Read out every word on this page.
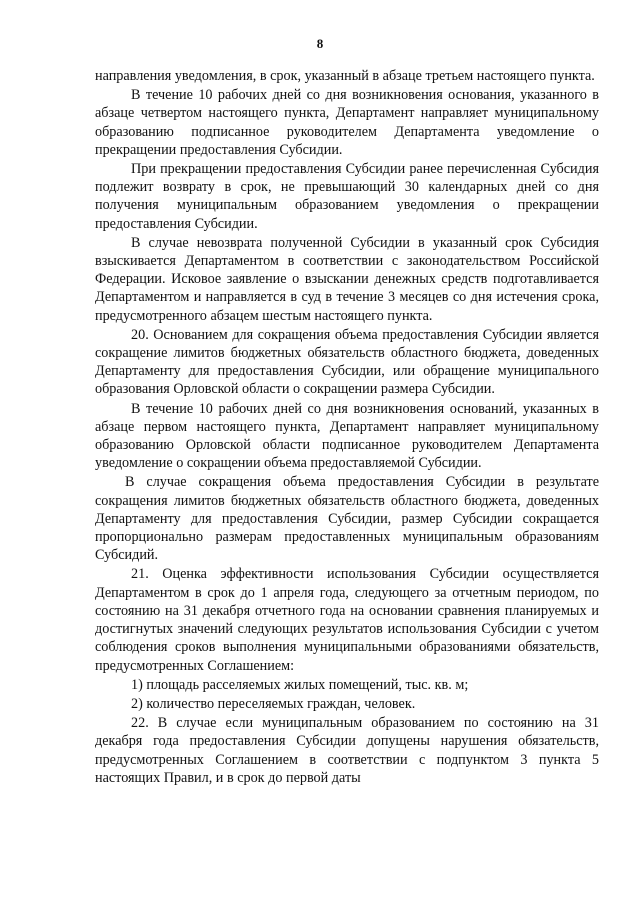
8

направления уведомления, в срок, указанный в абзаце третьем настоящего пункта.

В течение 10 рабочих дней со дня возникновения основания, указанного в абзаце четвертом настоящего пункта, Департамент направляет муниципальному образованию подписанное руководителем Департамента уведомление о прекращении предоставления Субсидии.

При прекращении предоставления Субсидии ранее перечисленная Субсидия подлежит возврату в срок, не превышающий 30 календарных дней со дня получения муниципальным образованием уведомления о прекращении предоставления Субсидии.

В случае невозврата полученной Субсидии в указанный срок Субсидия взыскивается Департаментом в соответствии с законодательством Российской Федерации. Исковое заявление о взыскании денежных средств подготавливается Департаментом и направляется в суд в течение 3 месяцев со дня истечения срока, предусмотренного абзацем шестым настоящего пункта.

20. Основанием для сокращения объема предоставления Субсидии является сокращение лимитов бюджетных обязательств областного бюджета, доведенных Департаменту для предоставления Субсидии, или обращение муниципального образования Орловской области о сокращении размера Субсидии.

В течение 10 рабочих дней со дня возникновения оснований, указанных в абзаце первом настоящего пункта, Департамент направляет муниципальному образованию Орловской области подписанное руководителем Департамента уведомление о сокращении объема предоставляемой Субсидии.

В случае сокращения объема предоставления Субсидии в результате сокращения лимитов бюджетных обязательств областного бюджета, доведенных Департаменту для предоставления Субсидии, размер Субсидии сокращается пропорционально размерам предоставленных муниципальным образованиям Субсидий.

21. Оценка эффективности использования Субсидии осуществляется Департаментом в срок до 1 апреля года, следующего за отчетным периодом, по состоянию на 31 декабря отчетного года на основании сравнения планируемых и достигнутых значений следующих результатов использования Субсидии с учетом соблюдения сроков выполнения муниципальными образованиями обязательств, предусмотренных Соглашением:

1) площадь расселяемых жилых помещений, тыс. кв. м;

2) количество переселяемых граждан, человек.

22. В случае если муниципальным образованием по состоянию на 31 декабря года предоставления Субсидии допущены нарушения обязательств, предусмотренных Соглашением в соответствии с подпунктом 3 пункта 5 настоящих Правил, и в срок до первой даты
